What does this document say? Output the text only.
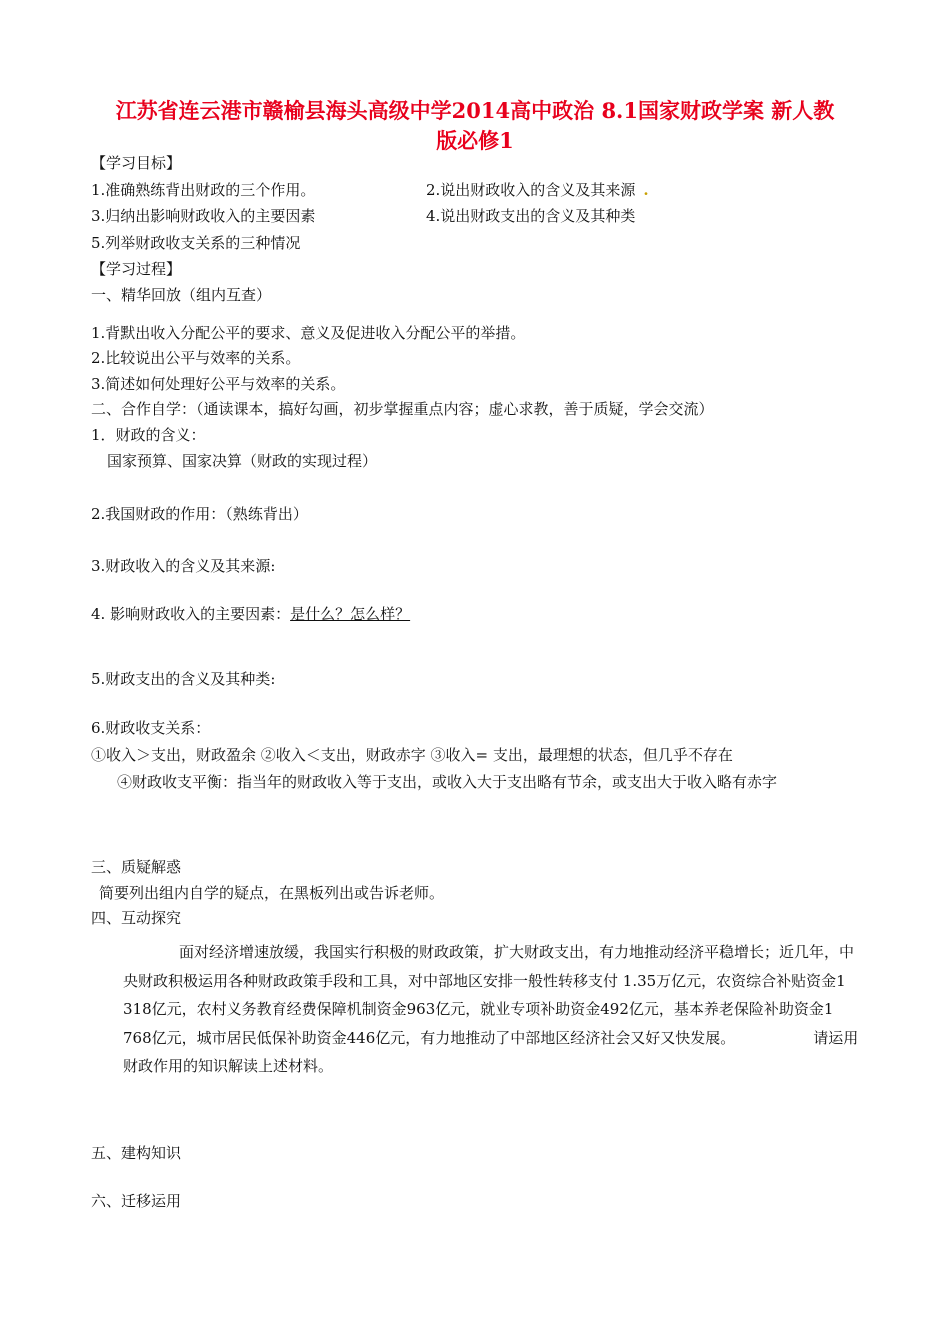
江苏省连云港市赣榆县海头高级中学2014高中政治 8.1国家财政学案 新人教
版必修1
【学习目标】
1.准确熟练背出财政的三个作用。	2.说出财政收入的含义及其来源 .
3.归纳出影响财政收入的主要因素	4.说出财政支出的含义及其种类
5.列举财政收支关系的三种情况
【学习过程】
一、精华回放（组内互查）
1.背默出收入分配公平的要求、意义及促进收入分配公平的举措。
2.比较说出公平与效率的关系。
3.简述如何处理好公平与效率的关系。
二、合作自学：（通读课本，搞好勾画，初步掌握重点内容；虚心求教，善于质疑，学会交流）
1．财政的含义：
国家预算、国家决算（财政的实现过程）
2.我国财政的作用：（熟练背出）
3.财政收入的含义及其来源:
4. 影响财政收入的主要因素：是什么？怎么样？
5.财政支出的含义及其种类:
6.财政收支关系：
①收入＞支出，财政盈余 ②收入＜支出，财政赤字 ③收入= 支出，最理想的状态，但几乎不存在
④财政收支平衡：指当年的财政收入等于支出，或收入大于支出略有节余，或支出大于收入略有赤字
三、质疑解惑
简要列出组内自学的疑点，在黑板列出或告诉老师。
四、互动探究
面对经济增速放缓，我国实行积极的财政政策，扩大财政支出，有力地推动经济平稳增长；近几年，中央财政积极运用各种财政政策手段和工具，对中部地区安排一般性转移支付 1.35万亿元，农资综合补贴资金1 318亿元，农村义务教育经费保障机制资金963亿元，就业专项补助资金492亿元，基本养老保险补助资金1 768亿元，城市居民低保补助资金446亿元，有力地推动了中部地区经济社会又好又快发展。	请运用财政作用的知识解读上述材料。
五、建构知识
六、迁移运用
